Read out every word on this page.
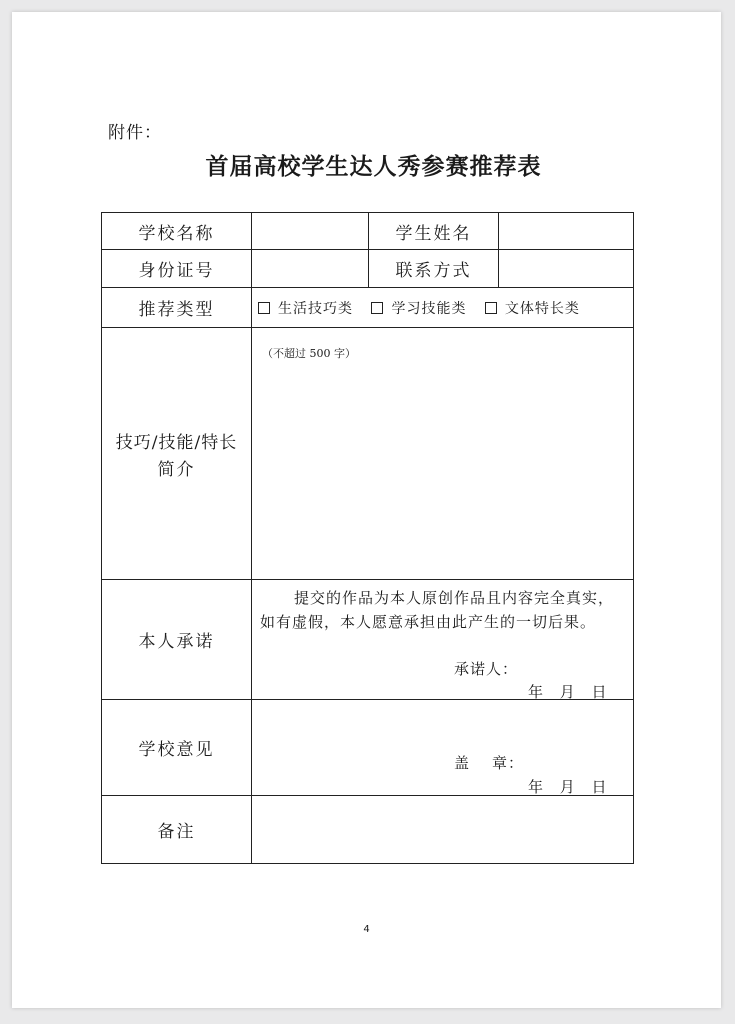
附件：
首届高校学生达人秀参赛推荐表
学校名称		学生姓名	
身份证号		联系方式	
推荐类型	生活技巧类
学习技能类
文体特长类		

技巧/技能/特长
简介	（不超过 500 字）		

本人承诺	提交的作品为本人原创作品且内容完全真实，
如有虚假，本人愿意承担由此产生的一切后果。
承诺人：
年 月 日		

学校意见	盖 章：
年 月 日		

备注			
4
